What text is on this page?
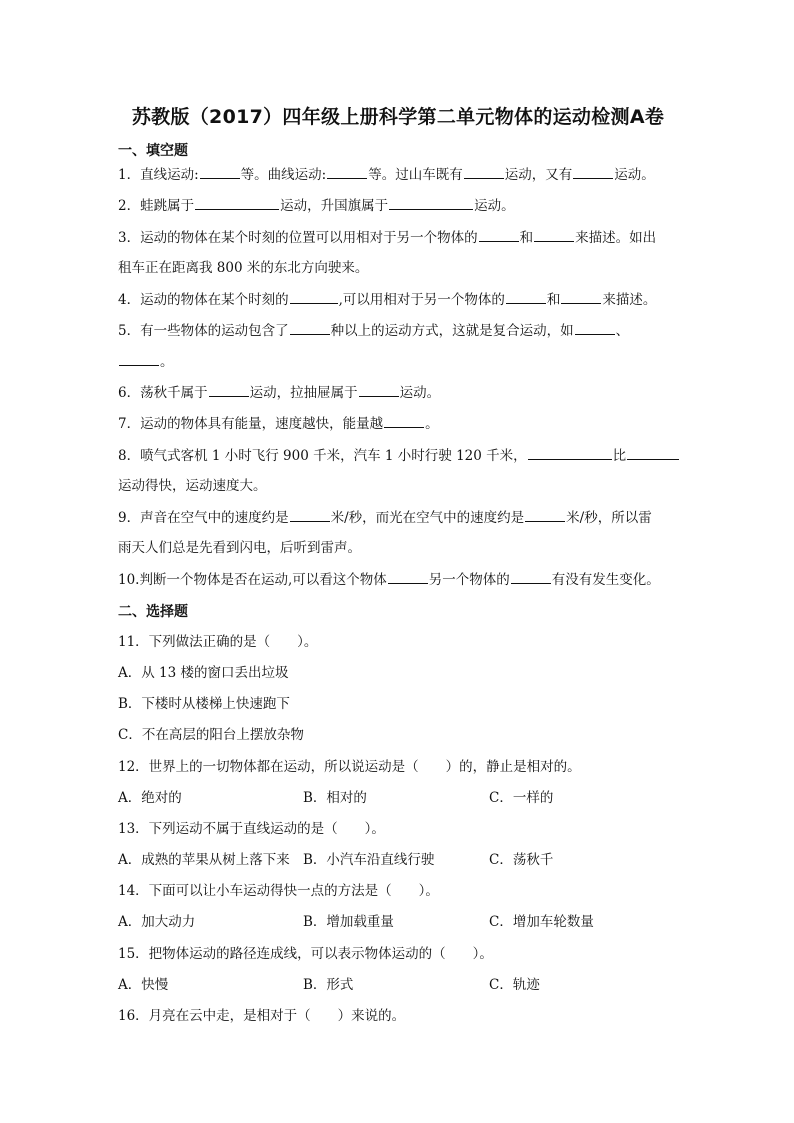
苏教版（2017）四年级上册科学第二单元物体的运动检测A卷
一、填空题
1．直线运动:	等。曲线运动:	等。过山车既有	运动，又有	运动。
2．蛙跳属于	运动，升国旗属于	运动。
3．运动的物体在某个时刻的位置可以用相对于另一个物体的	和	来描述。如出
租车正在距离我 800 米的东北方向驶来。
4．运动的物体在某个时刻的	,可以用相对于另一个物体的	和	来描述。
5．有一些物体的运动包含了	种以上的运动方式，这就是复合运动，如	、
。
6．荡秋千属于	运动，拉抽屉属于	运动。
7．运动的物体具有能量，速度越快，能量越	。
8．喷气式客机 1 小时飞行 900 千米，汽车 1 小时行驶 120 千米，	比
运动得快，运动速度大。
9．声音在空气中的速度约是	米/秒，而光在空气中的速度约是	米/秒，所以雷
雨天人们总是先看到闪电，后听到雷声。
10.判断一个物体是否在运动,可以看这个物体	另一个物体的	有没有发生变化。
二、选择题
11．下列做法正确的是（　　）。
A．从 13 楼的窗口丢出垃圾
B．下楼时从楼梯上快速跑下
C．不在高层的阳台上摆放杂物
12．世界上的一切物体都在运动，所以说运动是（　　）的，静止是相对的。
A．绝对的	B．相对的	C．一样的
13．下列运动不属于直线运动的是（　　）。
A．成熟的苹果从树上落下来 B．小汽车沿直线行驶	C．荡秋千
14．下面可以让小车运动得快一点的方法是（　　）。
A．加大动力	B．增加载重量	C．增加车轮数量
15．把物体运动的路径连成线，可以表示物体运动的（　　）。
A．快慢	B．形式	C．轨迹
16．月亮在云中走，是相对于（　　）来说的。
